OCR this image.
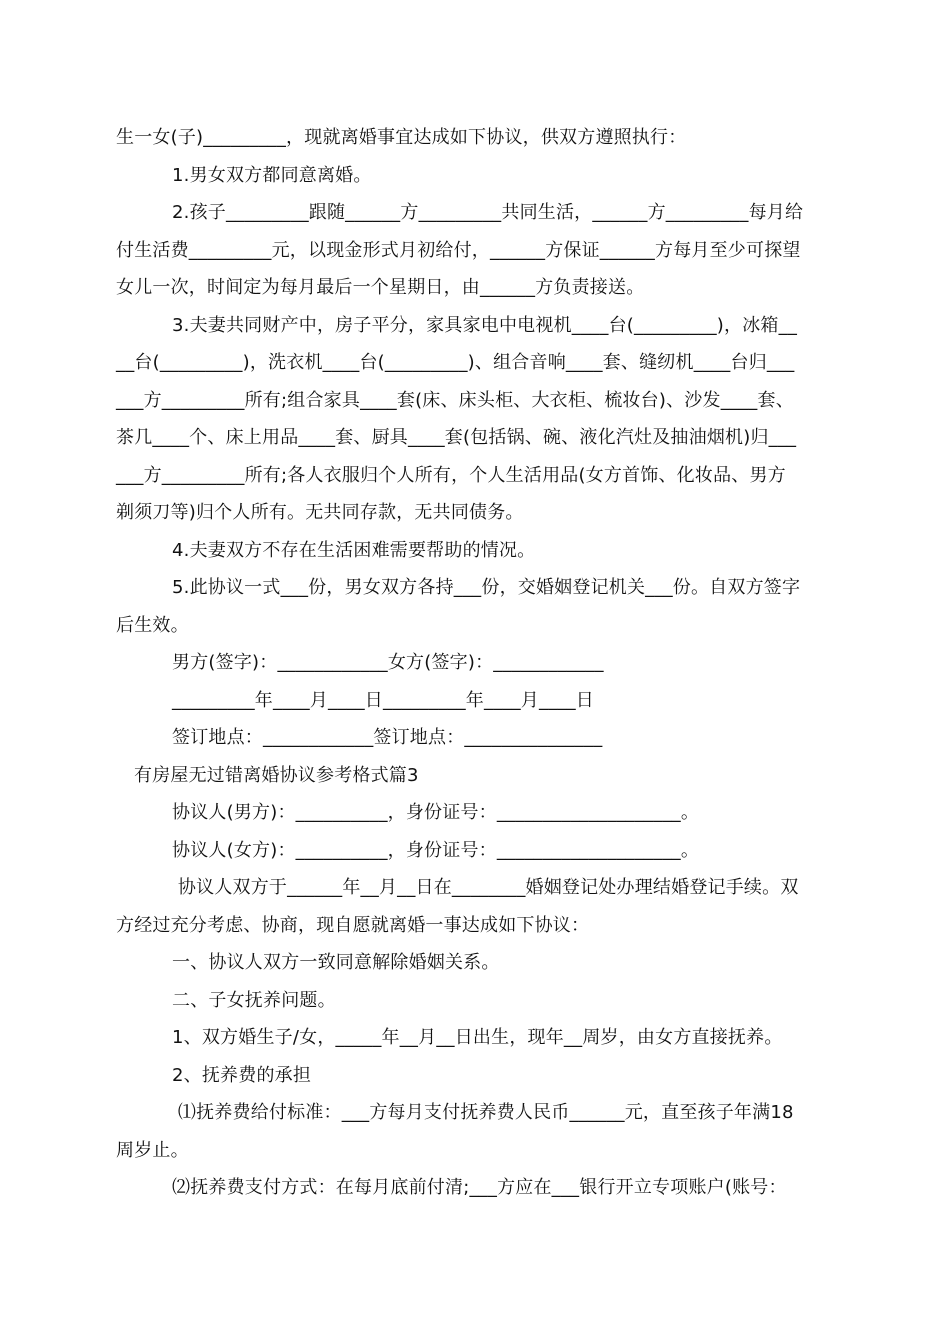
生一女(子)_________，现就离婚事宜达成如下协议，供双方遵照执行：
1.男女双方都同意离婚。
2.孩子_________跟随______方_________共同生活，______方_________每月给
付生活费_________元，以现金形式月初给付，______方保证______方每月至少可探望
女儿一次，时间定为每月最后一个星期日，由______方负责接送。
3.夫妻共同财产中，房子平分，家具家电中电视机____台(_________)，冰箱__
__台(_________)，洗衣机____台(_________)、组合音响____套、缝纫机____台归___
___方_________所有;组合家具____套(床、床头柜、大衣柜、梳妆台)、沙发____套、
茶几____个、床上用品____套、厨具____套(包括锅、碗、液化汽灶及抽油烟机)归___
___方_________所有;各人衣服归个人所有，个人生活用品(女方首饰、化妆品、男方
剃须刀等)归个人所有。无共同存款，无共同债务。
4.夫妻双方不存在生活困难需要帮助的情况。
5.此协议一式___份，男女双方各持___份，交婚姻登记机关___份。自双方签字
后生效。
男方(签字)：____________女方(签字)：____________
_________年____月____日_________年____月____日
签订地点：____________签订地点：_______________
有房屋无过错离婚协议参考格式篇3
协议人(男方)：__________，身份证号：____________________。
协议人(女方)：__________，身份证号：____________________。
协议人双方于______年__月__日在________婚姻登记处办理结婚登记手续。双
方经过充分考虑、协商，现自愿就离婚一事达成如下协议：
一、协议人双方一致同意解除婚姻关系。
二、子女抚养问题。
1、双方婚生子/女，_____年__月__日出生，现年__周岁，由女方直接抚养。
2、抚养费的承担
⑴抚养费给付标准：___方每月支付抚养费人民币______元，直至孩子年满18
周岁止。
⑵抚养费支付方式：在每月底前付清;___方应在___银行开立专项账户(账号：
